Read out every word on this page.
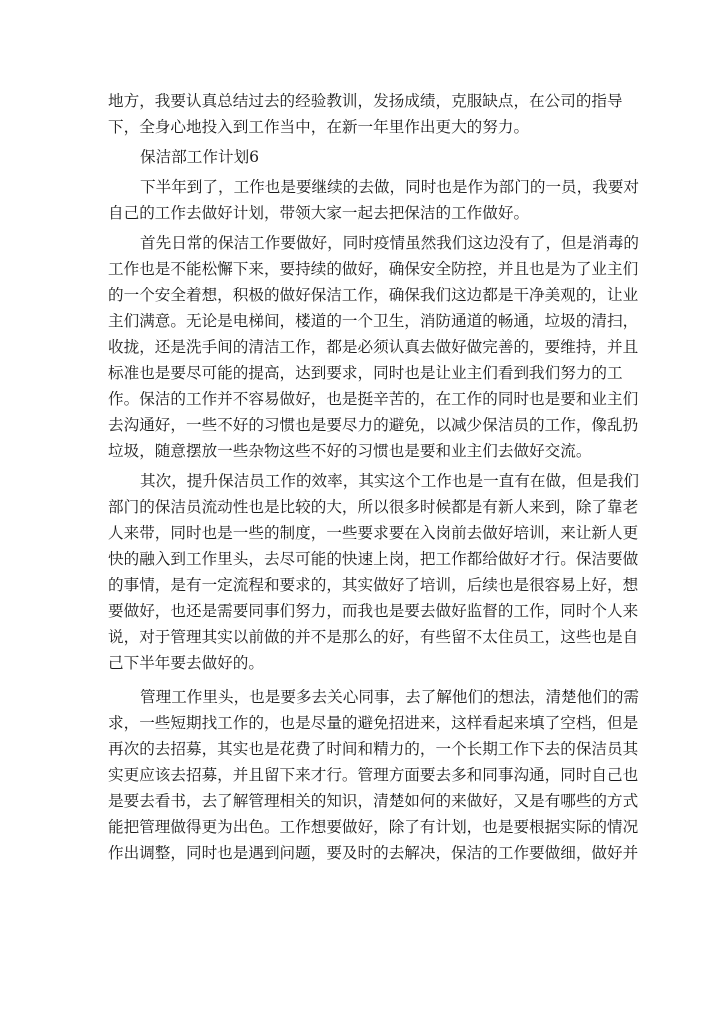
地方，我要认真总结过去的经验教训，发扬成绩，克服缺点，在公司的指导
下，全身心地投入到工作当中，在新一年里作出更大的努力。
保洁部工作计划6
下半年到了，工作也是要继续的去做，同时也是作为部门的一员，我要对
自己的工作去做好计划，带领大家一起去把保洁的工作做好。
首先日常的保洁工作要做好，同时疫情虽然我们这边没有了，但是消毒的
工作也是不能松懈下来，要持续的做好，确保安全防控，并且也是为了业主们
的一个安全着想，积极的做好保洁工作，确保我们这边都是干净美观的，让业
主们满意。无论是电梯间，楼道的一个卫生，消防通道的畅通，垃圾的清扫，
收拢，还是洗手间的清洁工作，都是必须认真去做好做完善的，要维持，并且
标准也是要尽可能的提高，达到要求，同时也是让业主们看到我们努力的工
作。保洁的工作并不容易做好，也是挺辛苦的，在工作的同时也是要和业主们
去沟通好，一些不好的习惯也是要尽力的避免，以减少保洁员的工作，像乱扔
垃圾，随意摆放一些杂物这些不好的习惯也是要和业主们去做好交流。
其次，提升保洁员工作的效率，其实这个工作也是一直有在做，但是我们
部门的保洁员流动性也是比较的大，所以很多时候都是有新人来到，除了靠老
人来带，同时也是一些的制度，一些要求要在入岗前去做好培训，来让新人更
快的融入到工作里头，去尽可能的快速上岗，把工作都给做好才行。保洁要做
的事情，是有一定流程和要求的，其实做好了培训，后续也是很容易上好，想
要做好，也还是需要同事们努力，而我也是要去做好监督的工作，同时个人来
说，对于管理其实以前做的并不是那么的好，有些留不太住员工，这些也是自
己下半年要去做好的。
管理工作里头，也是要多去关心同事，去了解他们的想法，清楚他们的需
求，一些短期找工作的，也是尽量的避免招进来，这样看起来填了空档，但是
再次的去招募，其实也是花费了时间和精力的，一个长期工作下去的保洁员其
实更应该去招募，并且留下来才行。管理方面要去多和同事沟通，同时自己也
是要去看书，去了解管理相关的知识，清楚如何的来做好，又是有哪些的方式
能把管理做得更为出色。工作想要做好，除了有计划，也是要根据实际的情况
作出调整，同时也是遇到问题，要及时的去解决，保洁的工作要做细，做好并
